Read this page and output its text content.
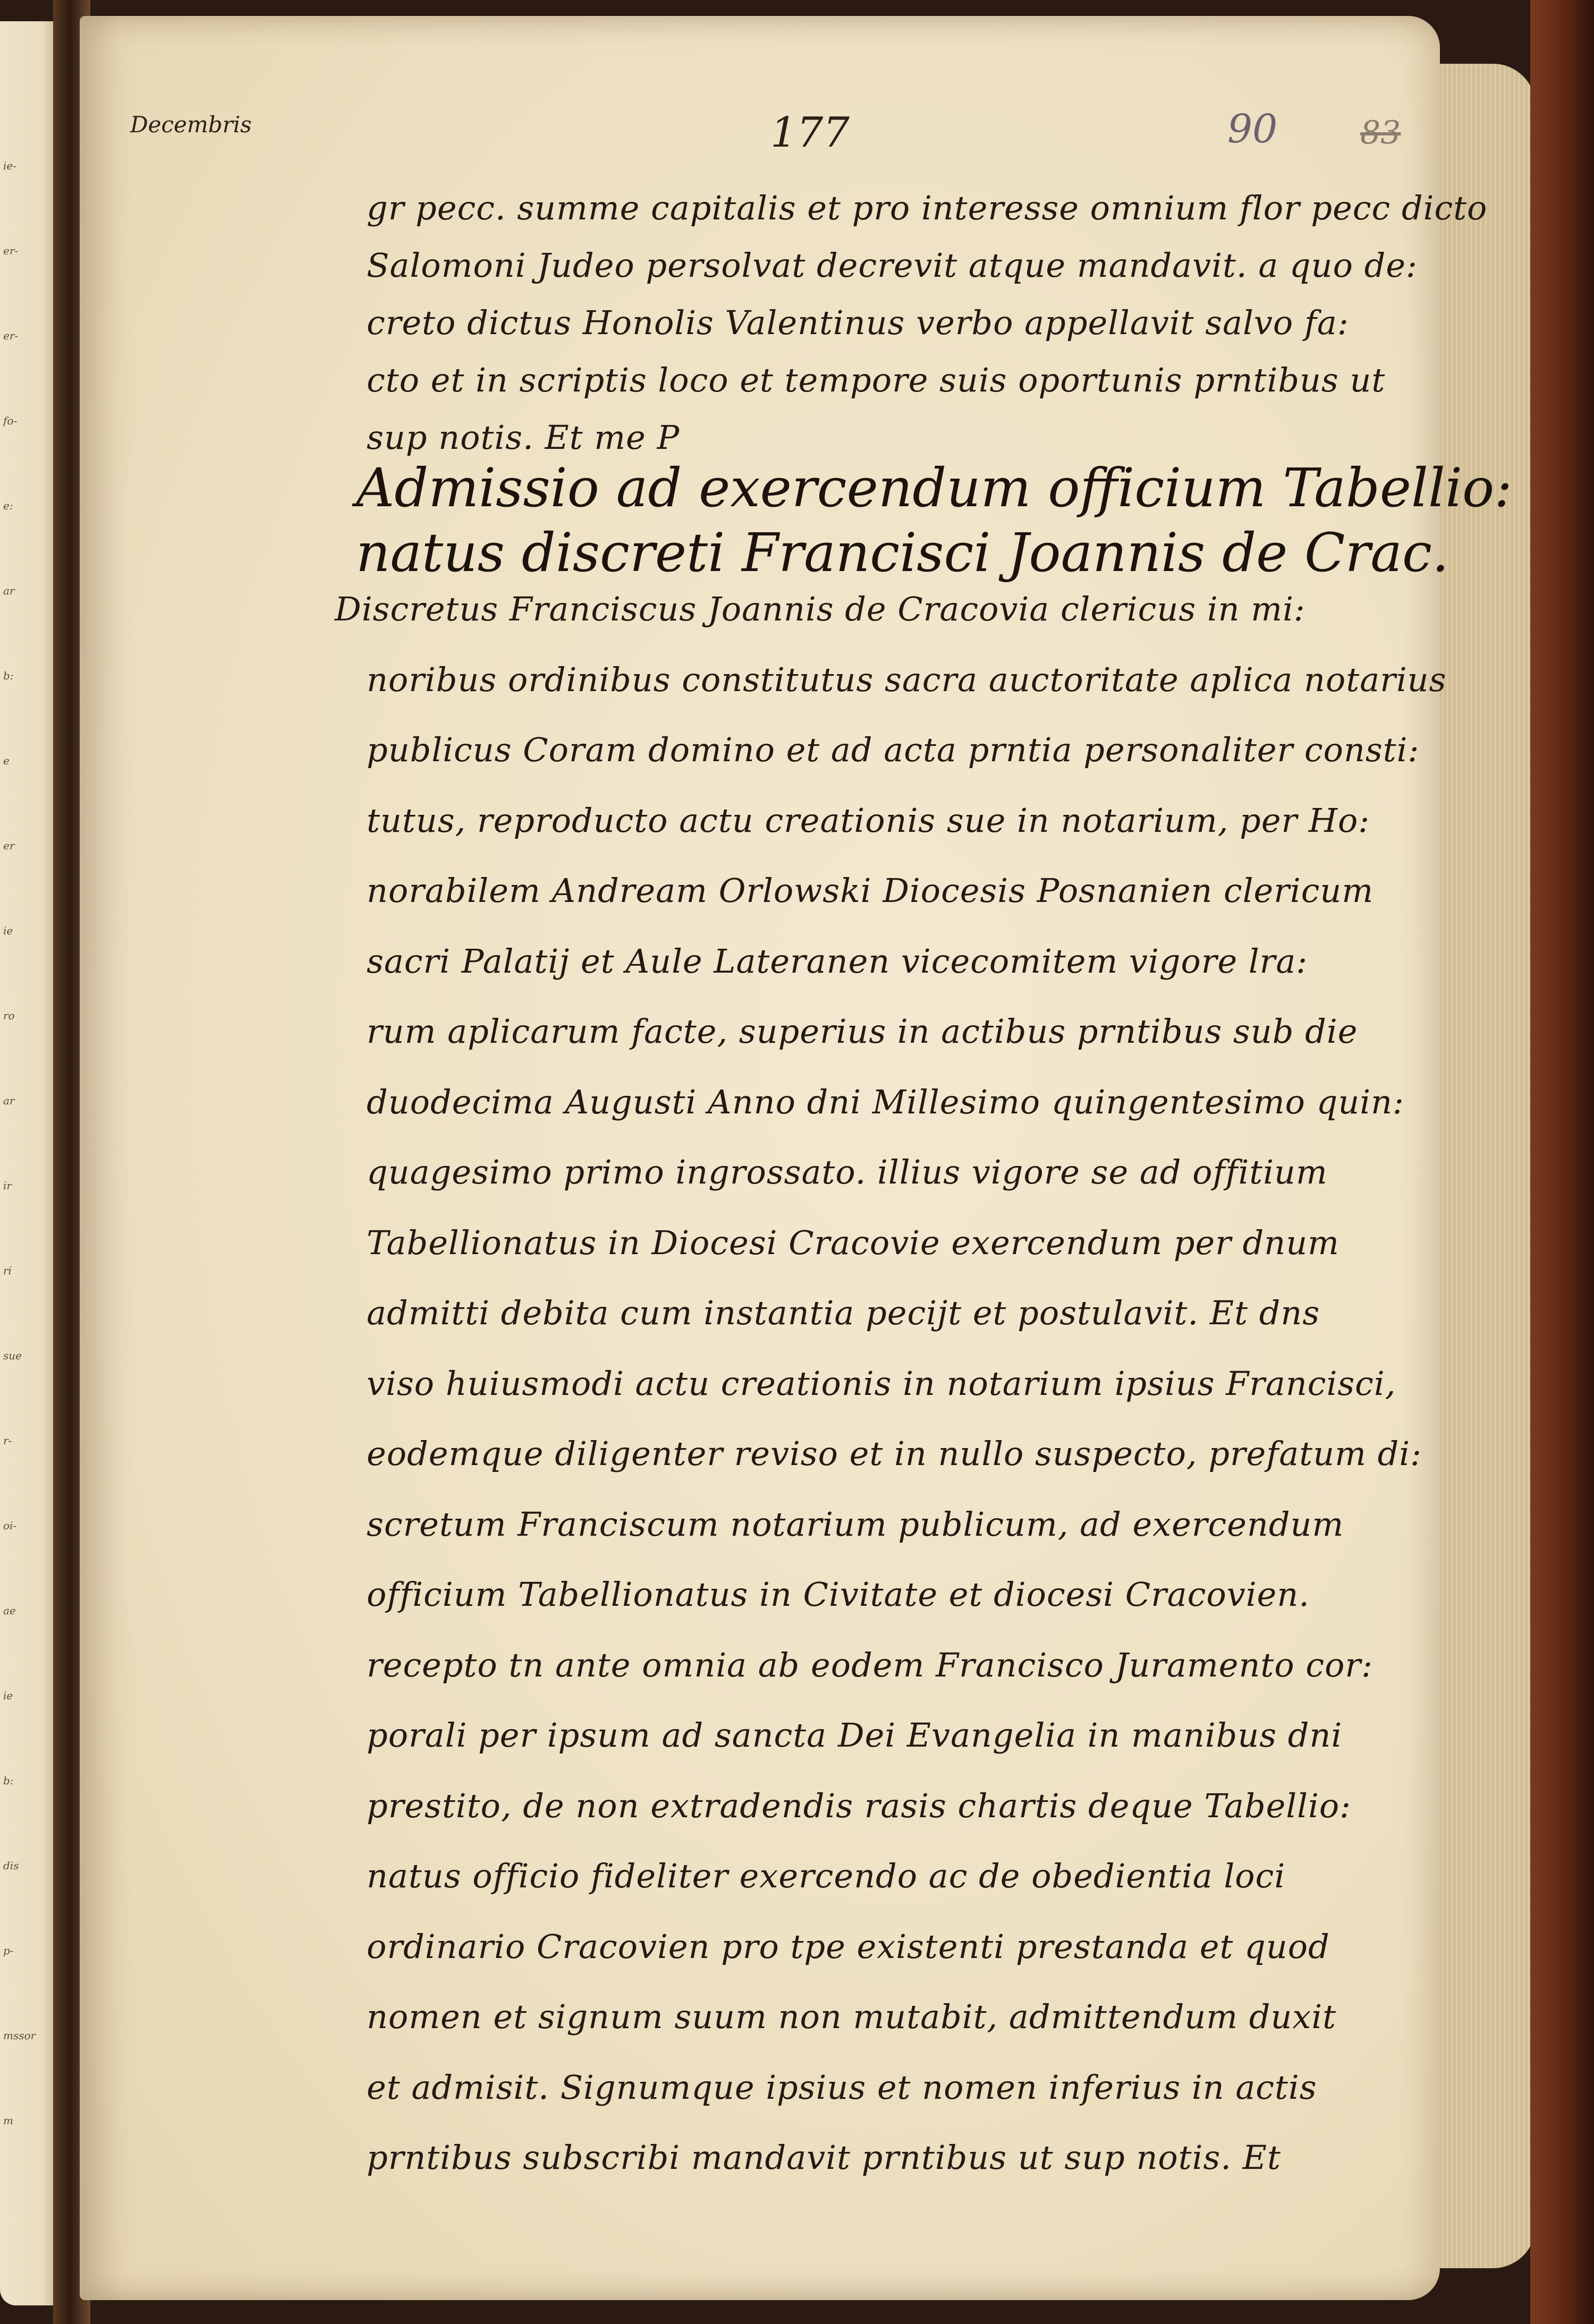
ie-
er-
er-
fo-
e:
ar
b:
e
er
ie
ro
ar
ir
ri
sue
r-
oi-
ae
ie
b:
dis
p-
mssor
m

Decembris	177	90	83
gr pecc. summe capitalis et pro interesse omnium flor pecc dicto
Salomoni Judeo persolvat decrevit atque mandavit. a quo de:
creto dictus Honolis Valentinus verbo appellavit salvo fa:
cto et in scriptis loco et tempore suis oportunis prntibus ut
sup notis. Et me P
Admissio ad exercendum officium Tabellio:
natus discreti Francisci Joannis de Crac.
Discretus Franciscus Joannis de Cracovia clericus in mi:
noribus ordinibus constitutus sacra auctoritate aplica notarius
publicus Coram domino et ad acta prntia personaliter consti:
tutus, reproducto actu creationis sue in notarium, per Ho:
norabilem Andream Orlowski Diocesis Posnanien clericum
sacri Palatij et Aule Lateranen vicecomitem vigore lra:
rum aplicarum facte, superius in actibus prntibus sub die
duodecima Augusti Anno dni Millesimo quingentesimo quin:
quagesimo primo ingrossato. illius vigore se ad offitium
Tabellionatus in Diocesi Cracovie exercendum per dnum
admitti debita cum instantia pecijt et postulavit. Et dns
viso huiusmodi actu creationis in notarium ipsius Francisci,
eodemque diligenter reviso et in nullo suspecto, prefatum di:
scretum Franciscum notarium publicum, ad exercendum
officium Tabellionatus in Civitate et diocesi Cracovien.
recepto tn ante omnia ab eodem Francisco Juramento cor:
porali per ipsum ad sancta Dei Evangelia in manibus dni
prestito, de non extradendis rasis chartis deque Tabellio:
natus officio fideliter exercendo ac de obedientia loci
ordinario Cracovien pro tpe existenti prestanda et quod
nomen et signum suum non mutabit, admittendum duxit
et admisit. Signumque ipsius et nomen inferius in actis
prntibus subscribi mandavit prntibus ut sup notis. Et
